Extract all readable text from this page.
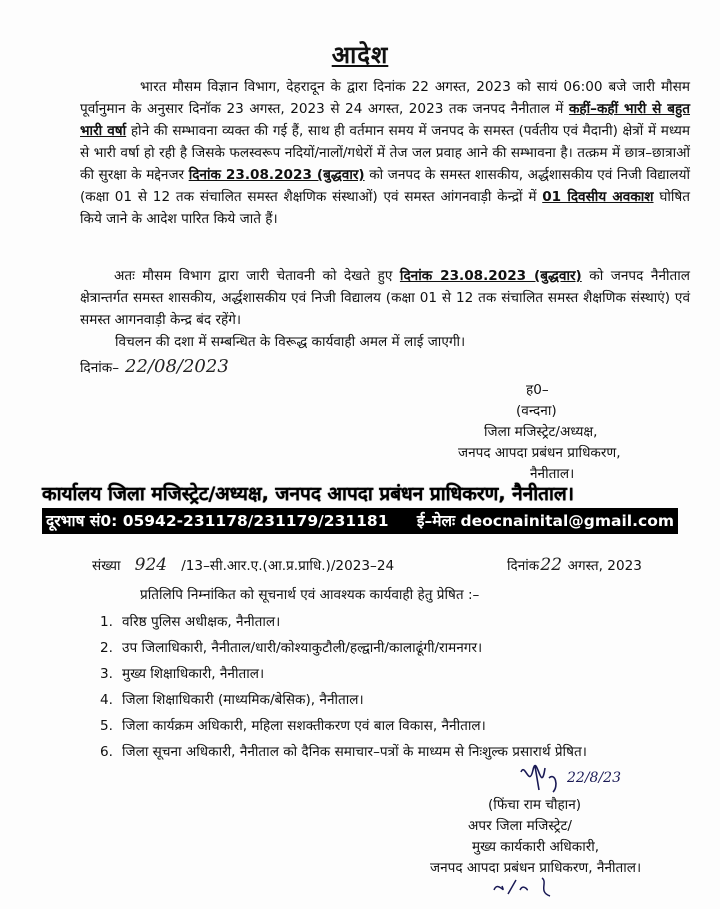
आदेश
भारत मौसम विज्ञान विभाग, देहरादून के द्वारा दिनांक 22 अगस्त, 2023 को सायं 06:00 बजे जारी मौसम पूर्वानुमान के अनुसार दिनॉक 23 अगस्त, 2023 से 24 अगस्त, 2023 तक जनपद नैनीताल में कहीं–कहीं भारी से बहुत भारी वर्षा होने की सम्भावना व्यक्त की गई हैं, साथ ही वर्तमान समय में जनपद के समस्त (पर्वतीय एवं मैदानी) क्षेत्रों में मध्यम से भारी वर्षा हो रही है जिसके फलस्वरूप नदियों/नालों/गधेरों में तेज जल प्रवाह आने की सम्भावना है। तत्क्रम में छात्र–छात्राओं की सुरक्षा के मद्देनजर दिनांक 23.08.2023 (बुद्धवार) को जनपद के समस्त शासकीय, अर्द्धशासकीय एवं निजी विद्यालयों (कक्षा 01 से 12 तक संचालित समस्त शैक्षणिक संस्थाओं) एवं समस्त आंगनवाड़ी केन्द्रों में 01 दिवसीय अवकाश घोषित किये जाने के आदेश पारित किये जाते हैं।
अतः मौसम विभाग द्वारा जारी चेतावनी को देखते हुए दिनांक 23.08.2023 (बुद्धवार) को जनपद नैनीताल क्षेत्रान्तर्गत समस्त शासकीय, अर्द्धशासकीय एवं निजी विद्यालय (कक्षा 01 से 12 तक संचालित समस्त शैक्षणिक संस्थाएं) एवं समस्त आगनवाड़ी केन्द्र बंद रहेंगे।
विचलन की दशा में सम्बन्धित के विरूद्ध कार्यवाही अमल में लाई जाएगी।
दिनांक– 22/08/2023
ह0–
(वन्दना)
जिला मजिस्ट्रेट/अध्यक्ष,
जनपद आपदा प्रबंधन प्राधिकरण,
नैनीताल।
कार्यालय जिला मजिस्ट्रेट/अध्यक्ष, जनपद आपदा प्रबंधन प्राधिकरण, नैनीताल।
दूरभाष सं0: 05942-231178/231179/231181 ई–मेलः deocnainital@gmail.com
संख्या 924 /13–सी.आर.ए.(आ.प्र.प्राधि.)/2023–24	दिनांक22 अगस्त, 2023
प्रतिलिपि निम्नांकित को सूचनार्थ एवं आवश्यक कार्यवाही हेतु प्रेषित :–
1. वरिष्ठ पुलिस अधीक्षक, नैनीताल।
2. उप जिलाधिकारी, नैनीताल/धारी/कोश्याकुटौली/हल्द्वानी/कालाढूंगी/रामनगर।
3. मुख्य शिक्षाधिकारी, नैनीताल।
4. जिला शिक्षाधिकारी (माध्यमिक/बेसिक), नैनीताल।
5. जिला कार्यक्रम अधिकारी, महिला सशक्तीकरण एवं बाल विकास, नैनीताल।
6. जिला सूचना अधिकारी, नैनीताल को दैनिक समाचार–पत्रों के माध्यम से निःशुल्क प्रसारार्थ प्रेषित।
22/8/23
(फिंचा राम चौहान)
अपर जिला मजिस्ट्रेट/
मुख्य कार्यकारी अधिकारी,
जनपद आपदा प्रबंधन प्राधिकरण, नैनीताल।
